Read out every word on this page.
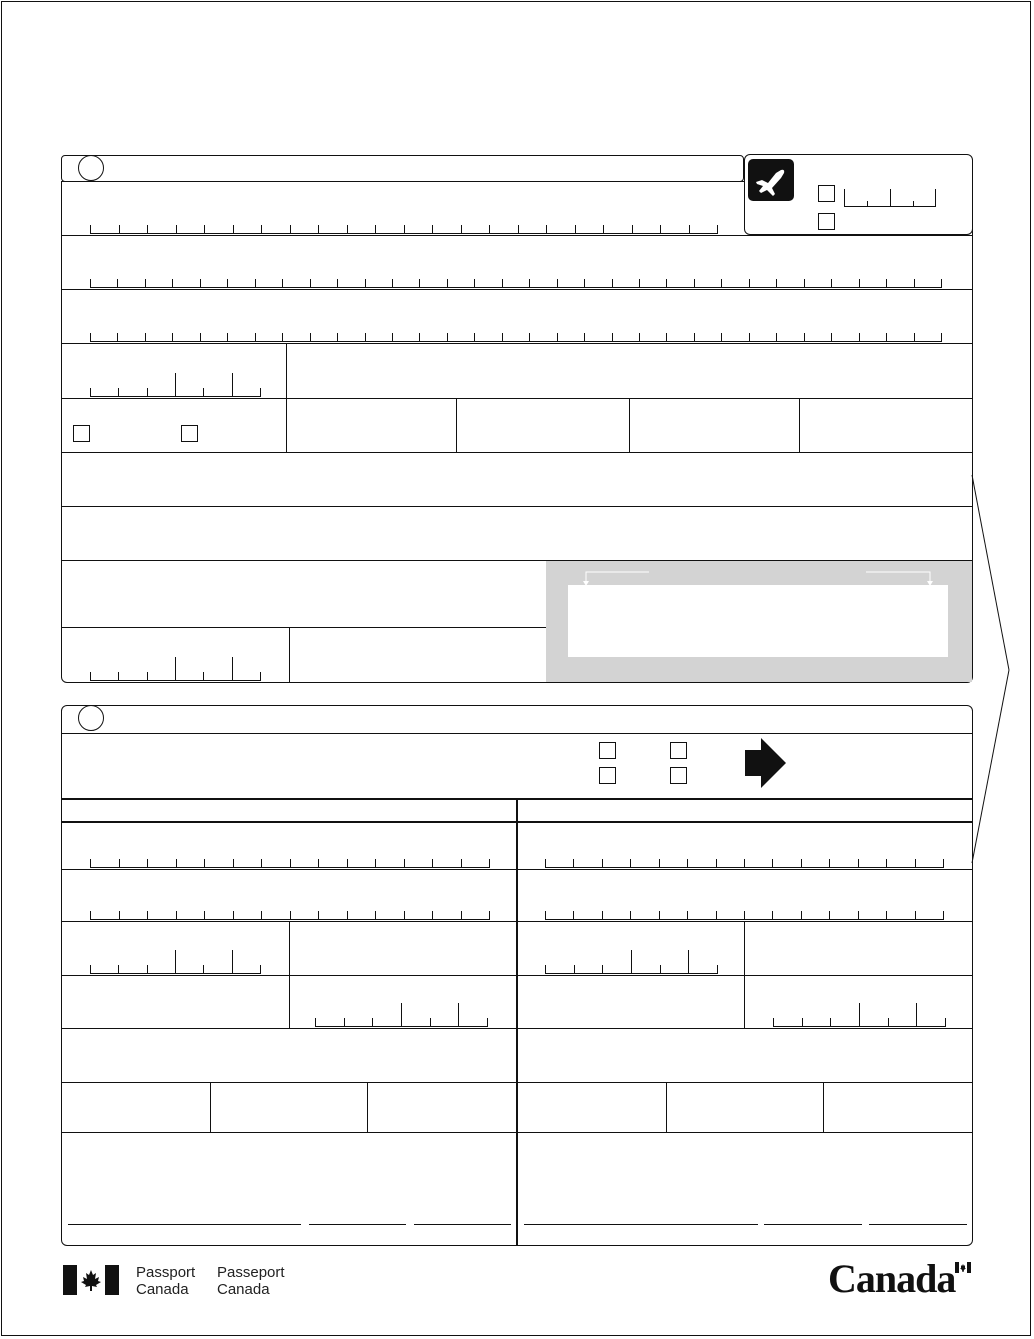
Passport
Canada
Passeport
Canada	Canada
